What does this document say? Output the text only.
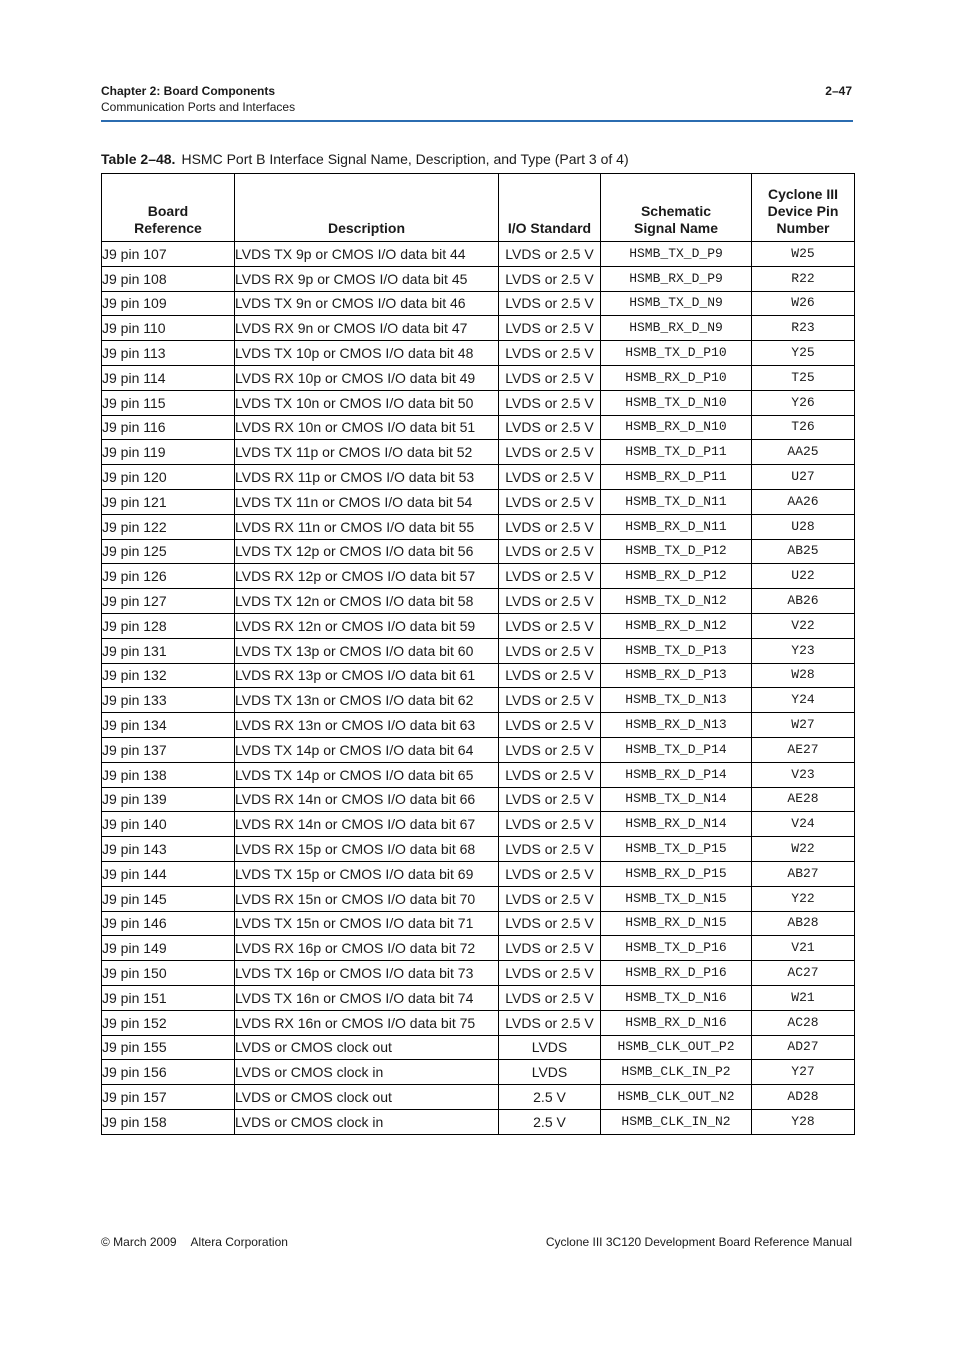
Chapter 2: Board Components
Communication Ports and Interfaces
2–47
Table 2–48. HSMC Port B Interface Signal Name, Description, and Type (Part 3 of 4)
Board Reference	Description	I/O Standard	Schematic Signal Name	Cyclone III Device Pin Number
J9 pin 107	LVDS TX 9p or CMOS I/O data bit 44	LVDS or 2.5 V	HSMB_TX_D_P9	W25
J9 pin 108	LVDS RX 9p or CMOS I/O data bit 45	LVDS or 2.5 V	HSMB_RX_D_P9	R22
J9 pin 109	LVDS TX 9n or CMOS I/O data bit 46	LVDS or 2.5 V	HSMB_TX_D_N9	W26
J9 pin 110	LVDS RX 9n or CMOS I/O data bit 47	LVDS or 2.5 V	HSMB_RX_D_N9	R23
J9 pin 113	LVDS TX 10p or CMOS I/O data bit 48	LVDS or 2.5 V	HSMB_TX_D_P10	Y25
J9 pin 114	LVDS RX 10p or CMOS I/O data bit 49	LVDS or 2.5 V	HSMB_RX_D_P10	T25
J9 pin 115	LVDS TX 10n or CMOS I/O data bit 50	LVDS or 2.5 V	HSMB_TX_D_N10	Y26
J9 pin 116	LVDS RX 10n or CMOS I/O data bit 51	LVDS or 2.5 V	HSMB_RX_D_N10	T26
J9 pin 119	LVDS TX 11p or CMOS I/O data bit 52	LVDS or 2.5 V	HSMB_TX_D_P11	AA25
J9 pin 120	LVDS RX 11p or CMOS I/O data bit 53	LVDS or 2.5 V	HSMB_RX_D_P11	U27
J9 pin 121	LVDS TX 11n or CMOS I/O data bit 54	LVDS or 2.5 V	HSMB_TX_D_N11	AA26
J9 pin 122	LVDS RX 11n or CMOS I/O data bit 55	LVDS or 2.5 V	HSMB_RX_D_N11	U28
J9 pin 125	LVDS TX 12p or CMOS I/O data bit 56	LVDS or 2.5 V	HSMB_TX_D_P12	AB25
J9 pin 126	LVDS RX 12p or CMOS I/O data bit 57	LVDS or 2.5 V	HSMB_RX_D_P12	U22
J9 pin 127	LVDS TX 12n or CMOS I/O data bit 58	LVDS or 2.5 V	HSMB_TX_D_N12	AB26
J9 pin 128	LVDS RX 12n or CMOS I/O data bit 59	LVDS or 2.5 V	HSMB_RX_D_N12	V22
J9 pin 131	LVDS TX 13p or CMOS I/O data bit 60	LVDS or 2.5 V	HSMB_TX_D_P13	Y23
J9 pin 132	LVDS RX 13p or CMOS I/O data bit 61	LVDS or 2.5 V	HSMB_RX_D_P13	W28
J9 pin 133	LVDS TX 13n or CMOS I/O data bit 62	LVDS or 2.5 V	HSMB_TX_D_N13	Y24
J9 pin 134	LVDS RX 13n or CMOS I/O data bit 63	LVDS or 2.5 V	HSMB_RX_D_N13	W27
J9 pin 137	LVDS TX 14p or CMOS I/O data bit 64	LVDS or 2.5 V	HSMB_TX_D_P14	AE27
J9 pin 138	LVDS TX 14p or CMOS I/O data bit 65	LVDS or 2.5 V	HSMB_RX_D_P14	V23
J9 pin 139	LVDS RX 14n or CMOS I/O data bit 66	LVDS or 2.5 V	HSMB_TX_D_N14	AE28
J9 pin 140	LVDS RX 14n or CMOS I/O data bit 67	LVDS or 2.5 V	HSMB_RX_D_N14	V24
J9 pin 143	LVDS RX 15p or CMOS I/O data bit 68	LVDS or 2.5 V	HSMB_TX_D_P15	W22
J9 pin 144	LVDS TX 15p or CMOS I/O data bit 69	LVDS or 2.5 V	HSMB_RX_D_P15	AB27
J9 pin 145	LVDS RX 15n or CMOS I/O data bit 70	LVDS or 2.5 V	HSMB_TX_D_N15	Y22
J9 pin 146	LVDS TX 15n or CMOS I/O data bit 71	LVDS or 2.5 V	HSMB_RX_D_N15	AB28
J9 pin 149	LVDS RX 16p or CMOS I/O data bit 72	LVDS or 2.5 V	HSMB_TX_D_P16	V21
J9 pin 150	LVDS TX 16p or CMOS I/O data bit 73	LVDS or 2.5 V	HSMB_RX_D_P16	AC27
J9 pin 151	LVDS TX 16n or CMOS I/O data bit 74	LVDS or 2.5 V	HSMB_TX_D_N16	W21
J9 pin 152	LVDS RX 16n or CMOS I/O data bit 75	LVDS or 2.5 V	HSMB_RX_D_N16	AC28
J9 pin 155	LVDS or CMOS clock out	LVDS	HSMB_CLK_OUT_P2	AD27
J9 pin 156	LVDS or CMOS clock in	LVDS	HSMB_CLK_IN_P2	Y27
J9 pin 157	LVDS or CMOS clock out	2.5 V	HSMB_CLK_OUT_N2	AD28
J9 pin 158	LVDS or CMOS clock in	2.5 V	HSMB_CLK_IN_N2	Y28
© March 2009 Altera Corporation	Cyclone III 3C120 Development Board Reference Manual
